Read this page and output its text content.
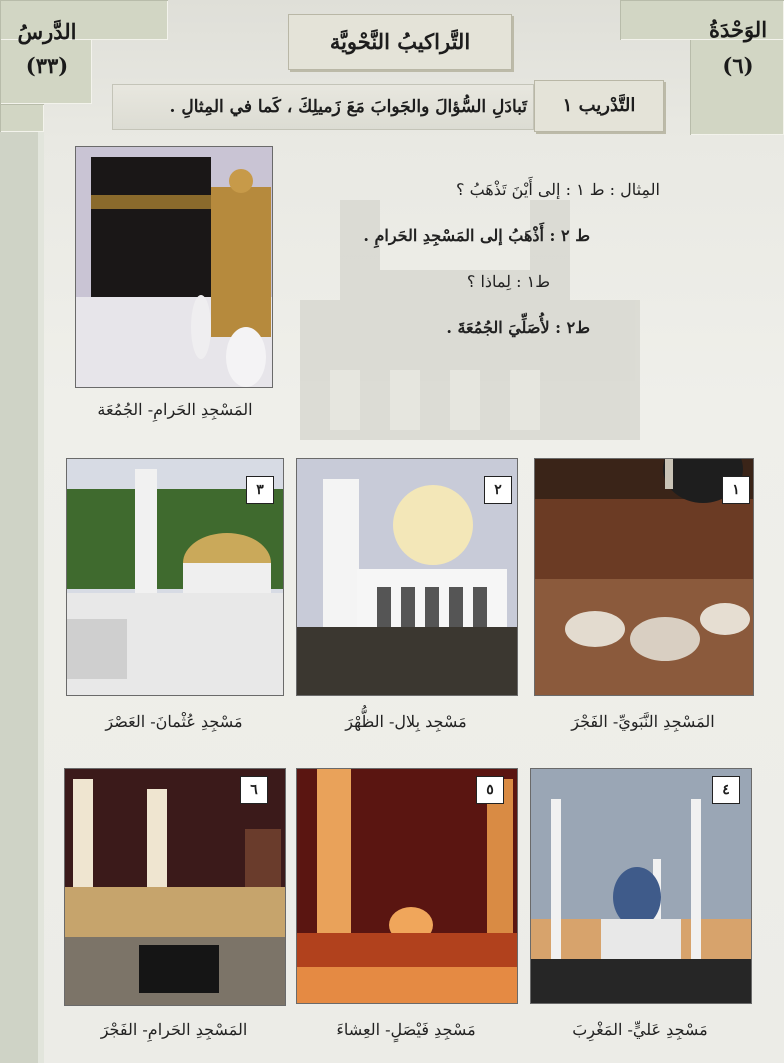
الدَّرسُ
(٣٣)
الوَحْدَةُ
(٦)
التَّراكيبُ النَّحْويَّة
تَبادَلِ السُّؤالَ والجَوابَ مَعَ زَميلِكَ ، كَما في المِثالِ .	التَّدْريب ١
المَسْجِدِ الحَرامِ- الجُمُعَة
المِثال : ط ١ : إلى أَيْنَ تَذْهَبُ ؟
ط ٢ : أَذْهَبُ إلى المَسْجِدِ الحَرامِ .
ط١ : لِماذا ؟
ط٢ : لأُصَلِّيَ الجُمُعَةَ .
١
المَسْجِدِ النَّبَويِّ- الفَجْرَ
٢
مَسْجِد بِلال- الظُّهْرَ
٣
مَسْجِدِ عُثْمانَ- العَصْرَ
٤
مَسْجِدِ عَليٍّ- المَغْرِبَ
٥
مَسْجِدِ فَيْصَلٍ- العِشاءَ
٦
المَسْجِدِ الحَرامِ- الفَجْرَ
